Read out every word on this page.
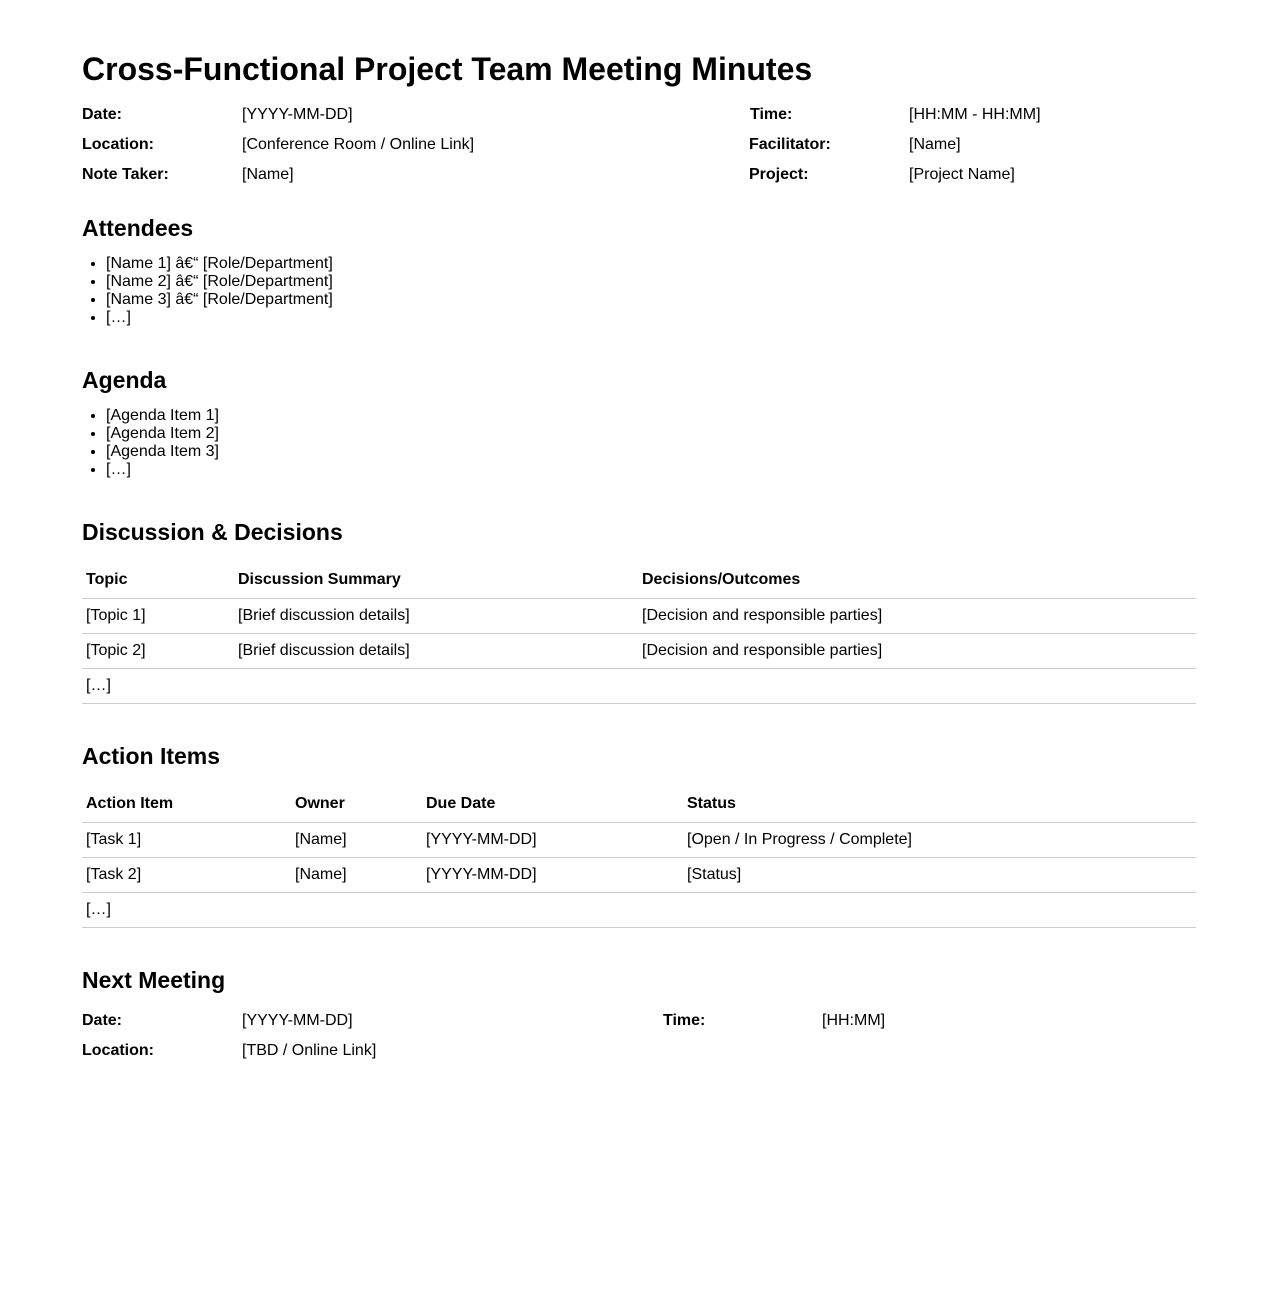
Cross-Functional Project Team Meeting Minutes
Date:	[YYYY-MM-DD]	Time:	[HH:MM - HH:MM]
Location:	[Conference Room / Online Link]	Facilitator:	[Name]
Note Taker:	[Name]	Project:	[Project Name]
Attendees
• [Name 1] â€“ [Role/Department]
• [Name 2] â€“ [Role/Department]
• [Name 3] â€“ [Role/Department]
• […]
Agenda
• [Agenda Item 1]
• [Agenda Item 2]
• [Agenda Item 3]
• […]
Discussion & Decisions
Topic	Discussion Summary	Decisions/Outcomes
[Topic 1]	[Brief discussion details]	[Decision and responsible parties]
[Topic 2]	[Brief discussion details]	[Decision and responsible parties]
[…]		
Action Items
Action Item	Owner	Due Date	Status
[Task 1]	[Name]	[YYYY-MM-DD]	[Open / In Progress / Complete]
[Task 2]	[Name]	[YYYY-MM-DD]	[Status]
[…]			
Next Meeting
Date:	[YYYY-MM-DD]	Time:	[HH:MM]
Location:	[TBD / Online Link]
